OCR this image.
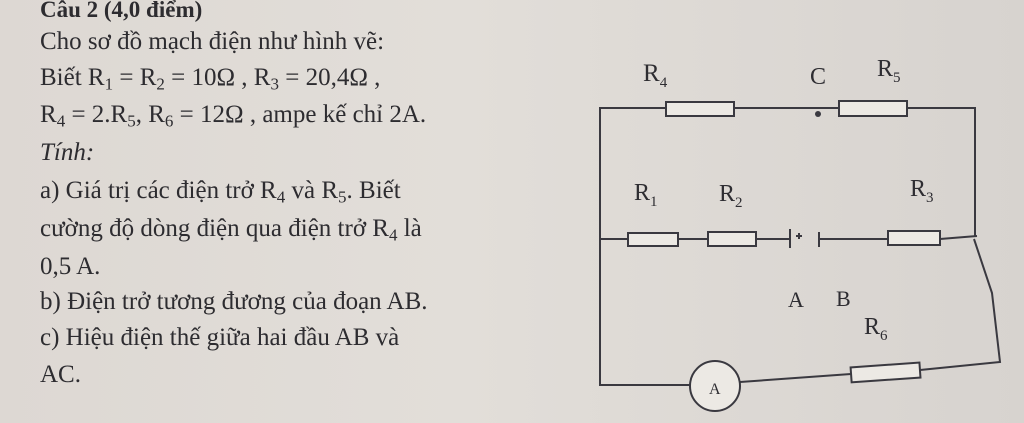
Câu 2 (4,0 điểm)
Cho sơ đồ mạch điện như hình vẽ:
Biết $R_1 = R_2 = 10\Omega$ , $R_3 = 20,4\Omega$ ,
$R_4 = 2.R_5$, $R_6 = 12\Omega$ , ampe kế chỉ 2A.
Tính:
a) Giá trị các điện trở $R_4$ và $R_5$. Biết
cường độ dòng điện qua điện trở $R_4$ là
0,5 A.
b) Điện trở tương đương của đoạn AB.
c) Hiệu điện thế giữa hai đầu AB và
AC.
$R_4$	C $R_5$
$R_1$	$R_2$
$R_3$
A B
$R_6$
A
